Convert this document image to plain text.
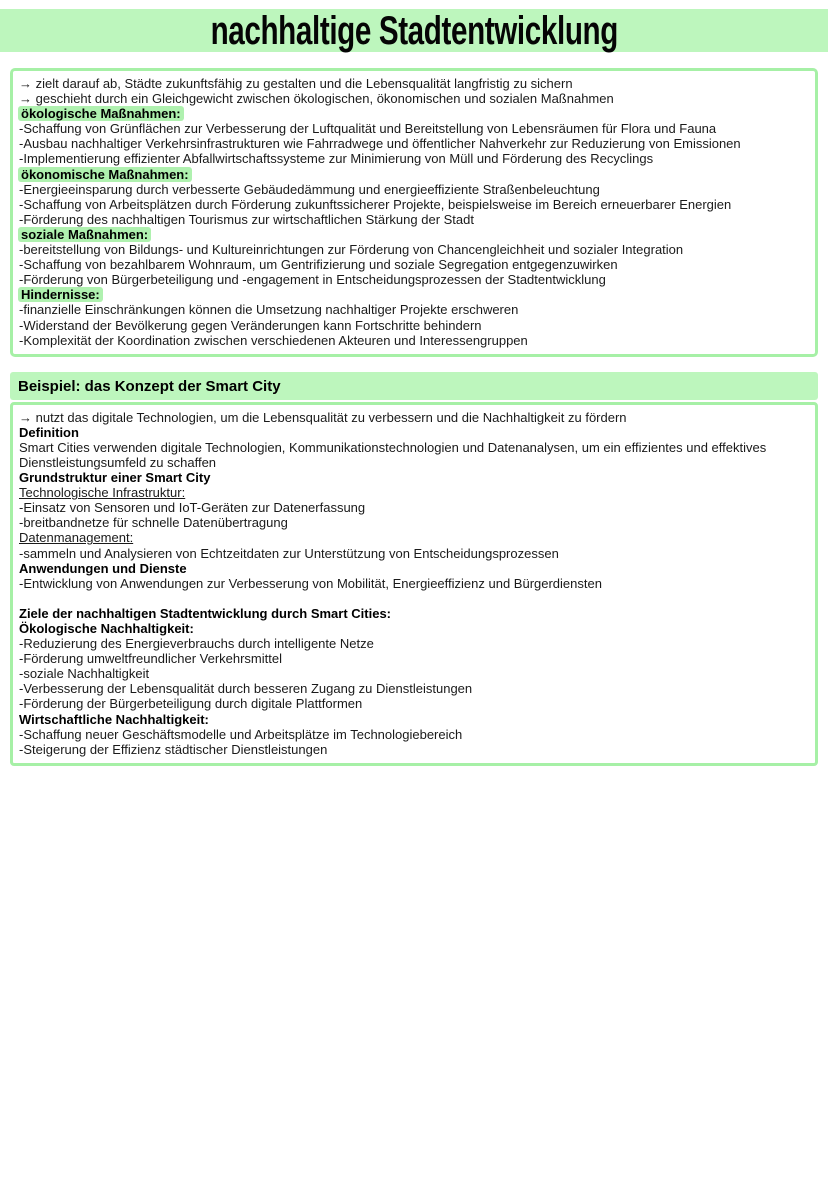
nachhaltige Stadtentwicklung
→ zielt darauf ab, Städte zukunftsfähig zu gestalten und die Lebensqualität langfristig zu sichern
→ geschieht durch ein Gleichgewicht zwischen ökologischen, ökonomischen und sozialen Maßnahmen
ökologische Maßnahmen:
-Schaffung von Grünflächen zur Verbesserung der Luftqualität und Bereitstellung von Lebensräumen für Flora und Fauna
-Ausbau nachhaltiger Verkehrsinfrastrukturen wie Fahrradwege und öffentlicher Nahverkehr zur Reduzierung von Emissionen
-Implementierung effizienter Abfallwirtschaftssysteme zur Minimierung von Müll und Förderung des Recyclings
ökonomische Maßnahmen:
-Energieeinsparung durch verbesserte Gebäudedämmung und energieeffiziente Straßenbeleuchtung
-Schaffung von Arbeitsplätzen durch Förderung zukunftssicherer Projekte, beispielsweise im Bereich erneuerbarer Energien
-Förderung des nachhaltigen Tourismus zur wirtschaftlichen Stärkung der Stadt
soziale Maßnahmen:
-bereitstellung von Bildungs- und Kultureinrichtungen zur Förderung von Chancengleichheit und sozialer Integration
-Schaffung von bezahlbarem Wohnraum, um Gentrifizierung und soziale Segregation entgegenzuwirken
-Förderung von Bürgerbeteiligung und -engagement in Entscheidungsprozessen der Stadtentwicklung
Hindernisse:
-finanzielle Einschränkungen können die Umsetzung nachhaltiger Projekte erschweren
-Widerstand der Bevölkerung gegen Veränderungen kann Fortschritte behindern
-Komplexität der Koordination zwischen verschiedenen Akteuren und Interessengruppen
Beispiel: das Konzept der Smart City
→ nutzt das digitale Technologien, um die Lebensqualität zu verbessern und die Nachhaltigkeit zu fördern
Definition
Smart Cities verwenden digitale Technologien, Kommunikationstechnologien und Datenanalysen, um ein effizientes und effektives Dienstleistungsumfeld zu schaffen
Grundstruktur einer Smart City
Technologische Infrastruktur:
-Einsatz von Sensoren und IoT-Geräten zur Datenerfassung
-breitbandnetze für schnelle Datenübertragung
Datenmanagement:
-sammeln und Analysieren von Echtzeitdaten zur Unterstützung von Entscheidungsprozessen
Anwendungen und Dienste
-Entwicklung von Anwendungen zur Verbesserung von Mobilität, Energieeffizienz und Bürgerdiensten
Ziele der nachhaltigen Stadtentwicklung durch Smart Cities:
Ökologische Nachhaltigkeit:
-Reduzierung des Energieverbrauchs durch intelligente Netze
-Förderung umweltfreundlicher Verkehrsmittel
-soziale Nachhaltigkeit
-Verbesserung der Lebensqualität durch besseren Zugang zu Dienstleistungen
-Förderung der Bürgerbeteiligung durch digitale Plattformen
Wirtschaftliche Nachhaltigkeit:
-Schaffung neuer Geschäftsmodelle und Arbeitsplätze im Technologiebereich
-Steigerung der Effizienz städtischer Dienstleistungen
